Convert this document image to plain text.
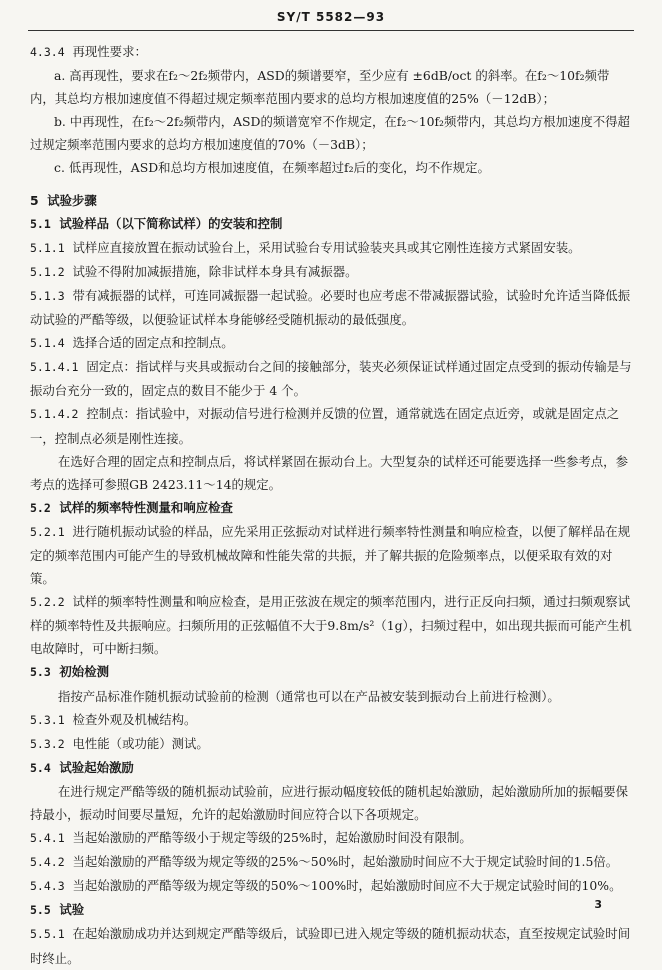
SY/T 5582—93

4.3.4 再现性要求：

a. 高再现性，要求在f₂～2f₂频带内，ASD的频谱要窄，至少应有 ±6dB/oct 的斜率。在f₂～10f₂频带内，其总均方根加速度值不得超过规定频率范围内要求的总均方根加速度值的25%（－12dB）；

b. 中再现性，在f₂～2f₂频带内，ASD的频谱宽窄不作规定，在f₂～10f₂频带内，其总均方根加速度不得超过规定频率范围内要求的总均方根加速度值的70%（－3dB）；

c. 低再现性，ASD和总均方根加速度值，在频率超过f₂后的变化，均不作规定。

5 试验步骤

5.1 试验样品（以下简称试样）的安装和控制

5.1.1 试样应直接放置在振动试验台上，采用试验台专用试验装夹具或其它刚性连接方式紧固安装。

5.1.2 试验不得附加减振措施，除非试样本身具有减振器。

5.1.3 带有减振器的试样，可连同减振器一起试验。必要时也应考虑不带减振器试验，试验时允许适当降低振动试验的严酷等级，以便验证试样本身能够经受随机振动的最低强度。

5.1.4 选择合适的固定点和控制点。

5.1.4.1 固定点：指试样与夹具或振动台之间的接触部分，装夹必须保证试样通过固定点受到的振动传输是与振动台充分一致的，固定点的数目不能少于 4 个。

5.1.4.2 控制点：指试验中，对振动信号进行检测并反馈的位置，通常就选在固定点近旁，或就是固定点之一，控制点必须是刚性连接。

在选好合理的固定点和控制点后，将试样紧固在振动台上。大型复杂的试样还可能要选择一些参考点，参考点的选择可参照GB 2423.11～14的规定。

5.2 试样的频率特性测量和响应检查

5.2.1 进行随机振动试验的样品，应先采用正弦振动对试样进行频率特性测量和响应检查，以便了解样品在规定的频率范围内可能产生的导致机械故障和性能失常的共振，并了解共振的危险频率点，以便采取有效的对策。

5.2.2 试样的频率特性测量和响应检查，是用正弦波在规定的频率范围内，进行正反向扫频，通过扫频观察试样的频率特性及共振响应。扫频所用的正弦幅值不大于9.8m/s²（1g），扫频过程中，如出现共振而可能产生机电故障时，可中断扫频。

5.3 初始检测

指按产品标准作随机振动试验前的检测（通常也可以在产品被安装到振动台上前进行检测）。

5.3.1 检查外观及机械结构。

5.3.2 电性能（或功能）测试。

5.4 试验起始激励

在进行规定严酷等级的随机振动试验前，应进行振动幅度较低的随机起始激励，起始激励所加的振幅要保持最小，振动时间要尽量短，允许的起始激励时间应符合以下各项规定。

5.4.1 当起始激励的严酷等级小于规定等级的25%时，起始激励时间没有限制。

5.4.2 当起始激励的严酷等级为规定等级的25%～50%时，起始激励时间应不大于规定试验时间的1.5倍。

5.4.3 当起始激励的严酷等级为规定等级的50%～100%时，起始激励时间应不大于规定试验时间的10%。

5.5 试验

5.5.1 在起始激励成功并达到规定严酷等级后，试验即已进入规定等级的随机振动状态，直至按规定试验时间时终止。

3
